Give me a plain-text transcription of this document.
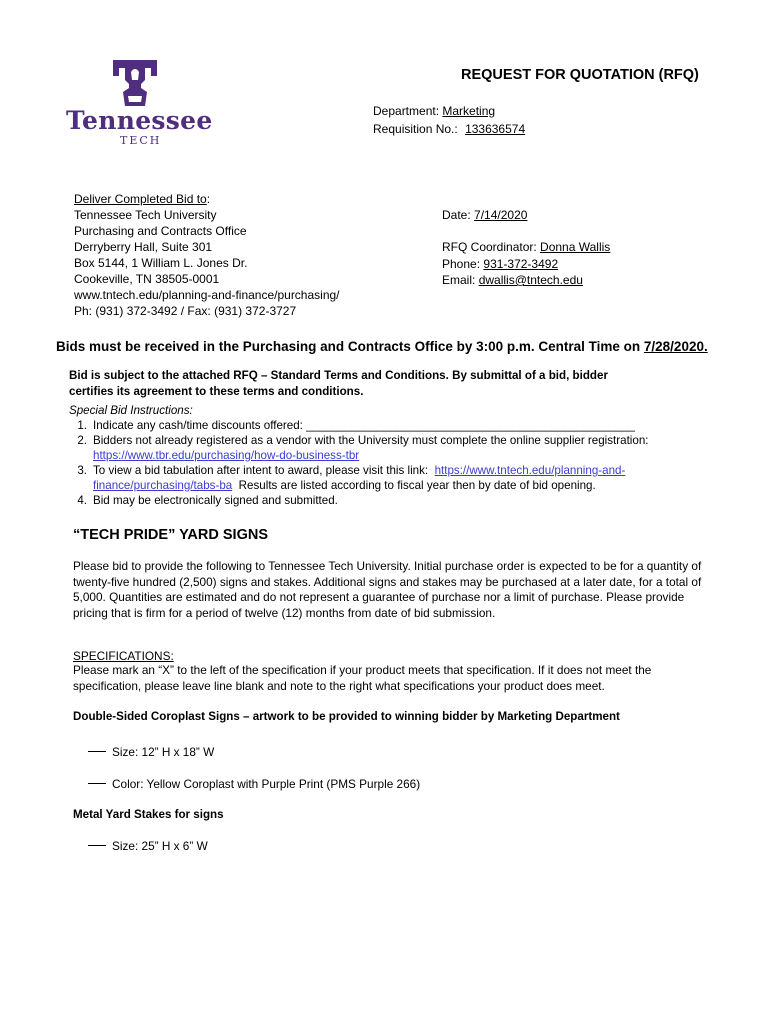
Tennessee
TECH
REQUEST FOR QUOTATION (RFQ)
Department: Marketing
Requisition No.: 133636574
Deliver Completed Bid to:
Tennessee Tech University
Purchasing and Contracts Office
Derryberry Hall, Suite 301
Box 5144, 1 William L. Jones Dr.
Cookeville, TN 38505-0001
www.tntech.edu/planning-and-finance/purchasing/
Ph: (931) 372-3492 / Fax: (931) 372-3727
Date: 7/14/2020
RFQ Coordinator: Donna Wallis
Phone: 931-372-3492
Email: dwallis@tntech.edu
Bids must be received in the Purchasing and Contracts Office by 3:00 p.m. Central Time on 7/28/2020.
Bid is subject to the attached RFQ – Standard Terms and Conditions. By submittal of a bid, bidder
certifies its agreement to these terms and conditions.
Special Bid Instructions:
1. Indicate any cash/time discounts offered: ___________________________________________________
2. Bidders not already registered as a vendor with the University must complete the online supplier registration:  https://www.tbr.edu/purchasing/how-do-business-tbr
3. To view a bid tabulation after intent to award, please visit this link: https://www.tntech.edu/planning-and-finance/purchasing/tabs-ba Results are listed according to fiscal year then by date of bid opening.
4. Bid may be electronically signed and submitted.
“TECH PRIDE” YARD SIGNS
Please bid to provide the following to Tennessee Tech University. Initial purchase order is expected to be for a quantity of twenty-five hundred (2,500) signs and stakes. Additional signs and stakes may be purchased at a later date, for a total of 5,000. Quantities are estimated and do not represent a guarantee of purchase nor a limit of purchase. Please provide pricing that is firm for a period of twelve (12) months from date of bid submission.
SPECIFICATIONS:
Please mark an “X” to the left of the specification if your product meets that specification. If it does not meet the specification, please leave line blank and note to the right what specifications your product does meet.
Double-Sided Coroplast Signs – artwork to be provided to winning bidder by Marketing Department
Size: 12” H x 18” W
Color: Yellow Coroplast with Purple Print (PMS Purple 266)
Metal Yard Stakes for signs
Size: 25” H x 6” W
